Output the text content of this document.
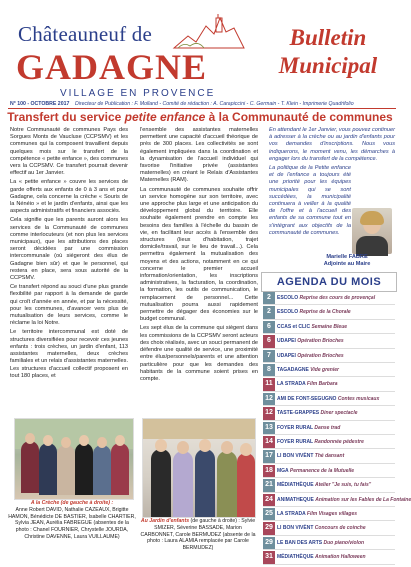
Châteauneuf de
GADAGNE
VILLAGE EN PROVENCE
Bulletin Municipal
N° 100 - OCTOBRE 2017 Directeur de Publication : F. Molland - Comité de rédaction : A. Carapiccini - C. Germain - T. Klein - Imprimerie Quadrifolio
Transfert du service petite enfance à la Communauté de communes

Notre Communauté de communes Pays des Sorgues Monts de Vaucluse (CCPSMV) et les communes qui la composent travaillent depuis quelques mois sur le transfert de la compétence « petite enfance », des communes vers la CCPSMV. Ce transfert pourrait devenir effectif au 1er Janvier.

La « petite enfance » couvre les services de garde offerts aux enfants de 0 à 3 ans et pour Gadagne, cela concerne la crèche « Souris de la Nénéio » et le jardin d'enfants, ainsi que les aspects administratifs et financiers associés.

Cela signifie que les parents auront alors les services de la Communauté de communes comme interlocuteurs (et non plus les services municipaux), que les attributions des places seront décidées par une commission intercommunale (où siégeront des élus de Gadagne bien sûr) et que le personnel, qui restera en place, sera sous autorité de la CCPSMV.

Ce transfert répond au souci d'une plus grande flexibilité par rapport à la demande de garde qui croît d'année en année, et par la nécessité, pour les communes, d'avancer vers plus de mutualisation de leurs services, comme le réclame la loi Notre.

Le territoire intercommunal est doté de structures diversifiées pour recevoir ces jeunes enfants : trois crèches, un jardin d'enfant, 113 assistantes maternelles, deux crèches familiales et un relais d'assistantes maternelles. Les structures d'accueil collectif proposent en tout 180 places, et

l'ensemble des assistantes maternelles permettent une capacité d'accueil théorique de près de 300 places. Les collectivités se sont également impliquées dans la coordination et la dynamisation de l'accueil individuel qui favorise l'initiative privée (assistantes maternelles) en créant le Relais d'Assistantes Maternelles (RAM).

La communauté de communes souhaite offrir un service homogène sur son territoire, avec une approche plus large et une anticipation du développement global du territoire. Elle souhaite également prendre en compte les besoins des familles à l'échelle du bassin de vie, en facilitant leur accès à l'ensemble des structures (lieux d'habitation, trajet domicile/travail, sur le lieu de travail...). Cela permettra également la mutualisation des moyens et des actions, notamment en ce qui concerne le premier accueil information/orientation, les inscriptions administratives, la facturation, la coordination, la formation, les outils de communication, le remplacement de personnel... Cette mutualisation pourra aussi rapidement permettre de dégager des économies sur le budget communal.

Les sept élus de la commune qui siègent dans les commissions de la CCPSMV seront acteurs des choix réalisés, avec un souci permanent de défendre une qualité de service, une proximité entre élus/personnels/parents et une attention particulière pour que les demandes des habitants de la commune soient prises en compte.

En attendant le 1er Janvier, vous pouvez continuer à adresser à la crèche ou au jardin d'enfants pour vos demandes d'inscriptions. Nous vous indiquerons, le moment venu, les démarches à engager lors du transfert de la compétence.

La politique de la Petite enfance et de l'enfance a toujours été une priorité pour les équipes municipales qui se sont succédées, la municipalité continuera à veiller à la qualité de l'offre et à l'accueil des enfants de sa commune tout en s'intégrant aux objectifs de la communauté de communes.

Marielle FABRE
Adjointe au Maire
AGENDA DU MOIS
2	ESCOLO Reprise des cours de provençal
2	ESCOLO Reprise de la Chorale
6	CCAS et CLIC Semaine Bleue
6	UDAPEI Opération Brioches
7	UDAPEI Opération Brioches
8	TAGADAGNE Vide grenier
11 LA STRADA Film Barbara
12 AMI DE FONT-SEGUGNO Contes musicaux
12 TASTE-GRAPPES Diner spectacle
13 FOYER RURAL Danse trad
14 FOYER RURAL Randonnée pédestre
17 LI BON VIVÈNT Thé dansant
18 MGA Permanence de la Mutuelle
21 MÉDIATHÈQUE Atelier "Je suis, tu fais"
24 ANIMATHEQUE Animation sur les Fables de La Fontaine
25 LA STRADA Film Visages villages
29 LI BON VIVÈNT Concours de coinche
29 LE BAN DES ARTS Duo piano/violon
31 MÉDIATHÈQUE Animation Halloween
A la Crèche (de gauche à droite) :
Anne Robert DAVID, Nathalie CAZEAUX, Brigitte HAMON, Bénédicte DE BASTIER, Isabelle CHARTIER, Sylvia JEAN, Aurélia FABREGUE (absentes de la photo : Chanel FOURNIER, Chrystelle JOURDA, Christine DAVENNE, Laura VUILLAUME)
Au Jardin d'enfants (de gauche à droite) : Sylvie SMIZER, Séverine BASSADE, Marion CARBONNET, Carole BERMUDEZ (absente de la photo : Laura ALAMIA remplacée par Carole BERMUDEZ)
